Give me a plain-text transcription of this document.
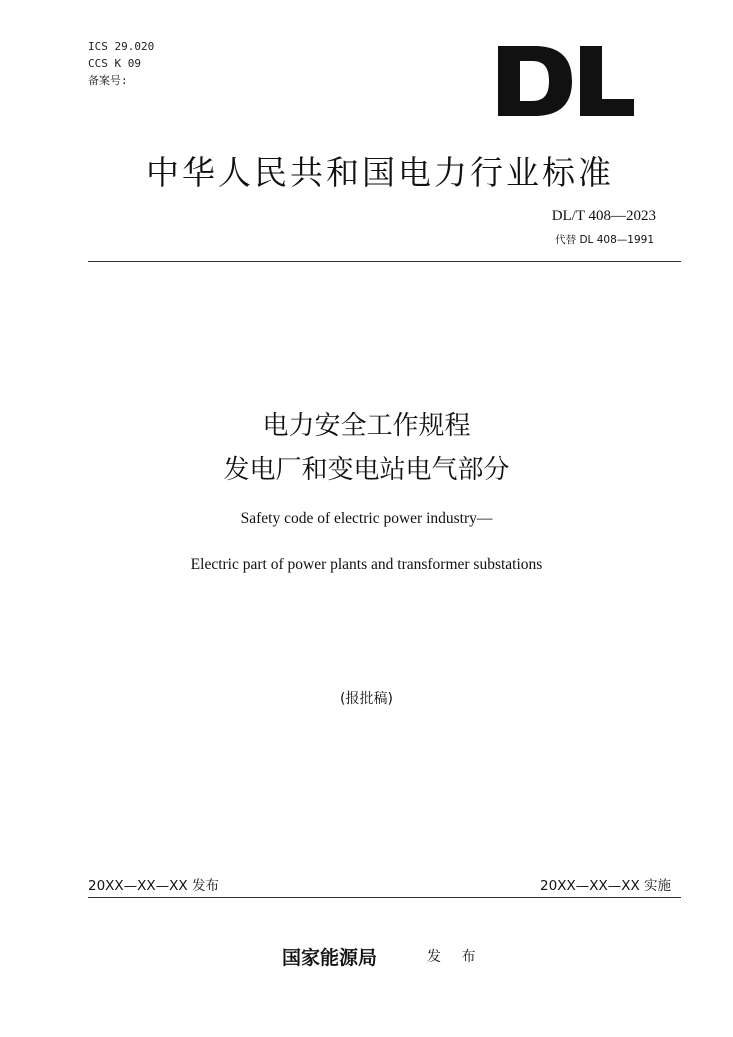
ICS 29.020
CCS K 09
备案号:
中华人民共和国电力行业标准
DL/T 408—2023
代替 DL 408—1991
电力安全工作规程
发电厂和变电站电气部分
Safety code of electric power industry—
Electric part of power plants and transformer substations
(报批稿)
20XX—XX—XX 发布	20XX—XX—XX 实施
国家能源局	发 布
